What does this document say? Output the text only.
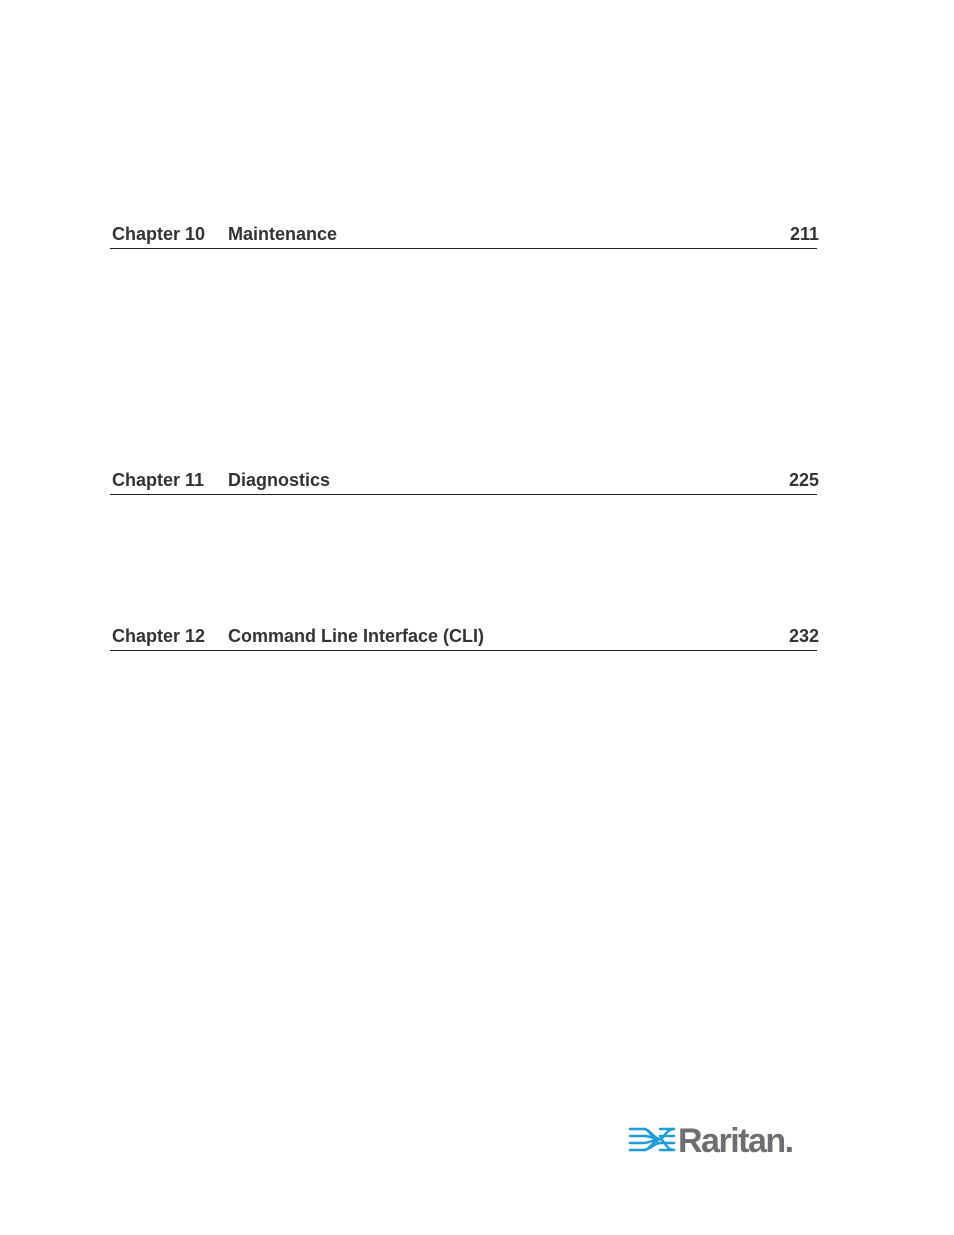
Chapter 10 Maintenance	211
Chapter 11 Diagnostics	225
Chapter 12 Command Line Interface (CLI)	232
Raritan.
